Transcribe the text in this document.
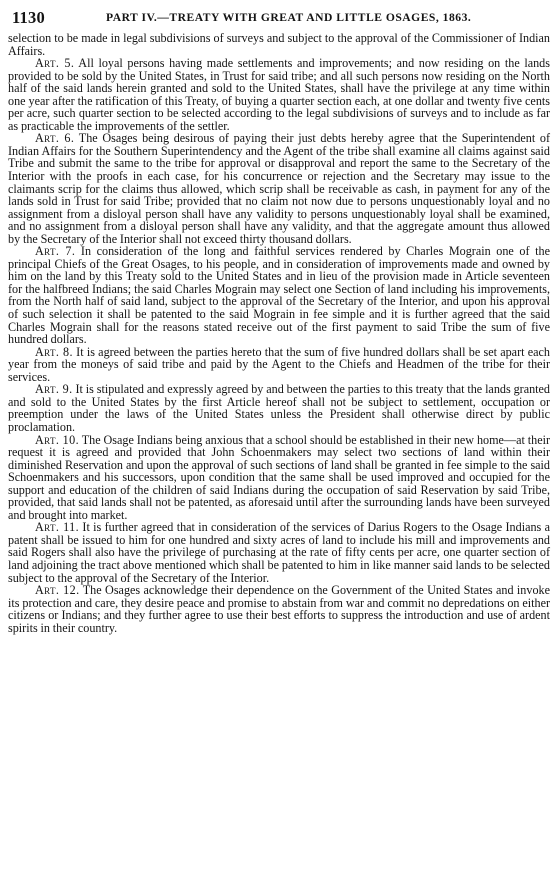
1130	PART IV.—TREATY WITH GREAT AND LITTLE OSAGES, 1863.

selection to be made in legal subdivisions of surveys and subject to the approval of the Commissioner of Indian Affairs.

Art. 5. All loyal persons having made settlements and improvements; and now residing on the lands provided to be sold by the United States, in Trust for said tribe; and all such persons now residing on the North half of the said lands herein granted and sold to the United States, shall have the privilege at any time within one year after the ratification of this Treaty, of buying a quarter section each, at one dollar and twenty five cents per acre, such quarter section to be selected according to the legal subdivisions of surveys and to include as far as practicable the improvements of the settler.

Art. 6. The Osages being desirous of paying their just debts hereby agree that the Superintendent of Indian Affairs for the Southern Superintendency and the Agent of the tribe shall examine all claims against said Tribe and submit the same to the tribe for approval or disapproval and report the same to the Secretary of the Interior with the proofs in each case, for his concurrence or rejection and the Secretary may issue to the claimants scrip for the claims thus allowed, which scrip shall be receivable as cash, in payment for any of the lands sold in Trust for said Tribe; provided that no claim not now due to persons unquestionably loyal and no assignment from a disloyal person shall have any validity to persons unquestionably loyal shall be examined, and no assignment from a disloyal person shall have any validity, and that the aggregate amount thus allowed by the Secretary of the Interior shall not exceed thirty thousand dollars.

Art. 7. In consideration of the long and faithful services rendered by Charles Mograin one of the principal Chiefs of the Great Osages, to his people, and in consideration of improvements made and owned by him on the land by this Treaty sold to the United States and in lieu of the provision made in Article seventeen for the halfbreed Indians; the said Charles Mograin may select one Section of land including his improvements, from the North half of said land, subject to the approval of the Secretary of the Interior, and upon his approval of such selection it shall be patented to the said Mograin in fee simple and it is further agreed that the said Charles Mograin shall for the reasons stated receive out of the first payment to said Tribe the sum of five hundred dollars.

Art. 8. It is agreed between the parties hereto that the sum of five hundred dollars shall be set apart each year from the moneys of said tribe and paid by the Agent to the Chiefs and Headmen of the tribe for their services.

Art. 9. It is stipulated and expressly agreed by and between the parties to this treaty that the lands granted and sold to the United States by the first Article hereof shall not be subject to settlement, occupation or preemption under the laws of the United States unless the President shall otherwise direct by public proclamation.

Art. 10. The Osage Indians being anxious that a school should be established in their new home—at their request it is agreed and provided that John Schoenmakers may select two sections of land within their diminished Reservation and upon the approval of such sections of land shall be granted in fee simple to the said Schoenmakers and his successors, upon condition that the same shall be used improved and occupied for the support and education of the children of said Indians during the occupation of said Reservation by said Tribe, provided, that said lands shall not be patented, as aforesaid until after the surrounding lands have been surveyed and brought into market.

Art. 11. It is further agreed that in consideration of the services of Darius Rogers to the Osage Indians a patent shall be issued to him for one hundred and sixty acres of land to include his mill and improvements and said Rogers shall also have the privilege of purchasing at the rate of fifty cents per acre, one quarter section of land adjoining the tract above mentioned which shall be patented to him in like manner said lands to be selected subject to the approval of the Secretary of the Interior.

Art. 12. The Osages acknowledge their dependence on the Government of the United States and invoke its protection and care, they desire peace and promise to abstain from war and commit no depredations on either citizens or Indians; and they further agree to use their best efforts to suppress the introduction and use of ardent spirits in their country.
